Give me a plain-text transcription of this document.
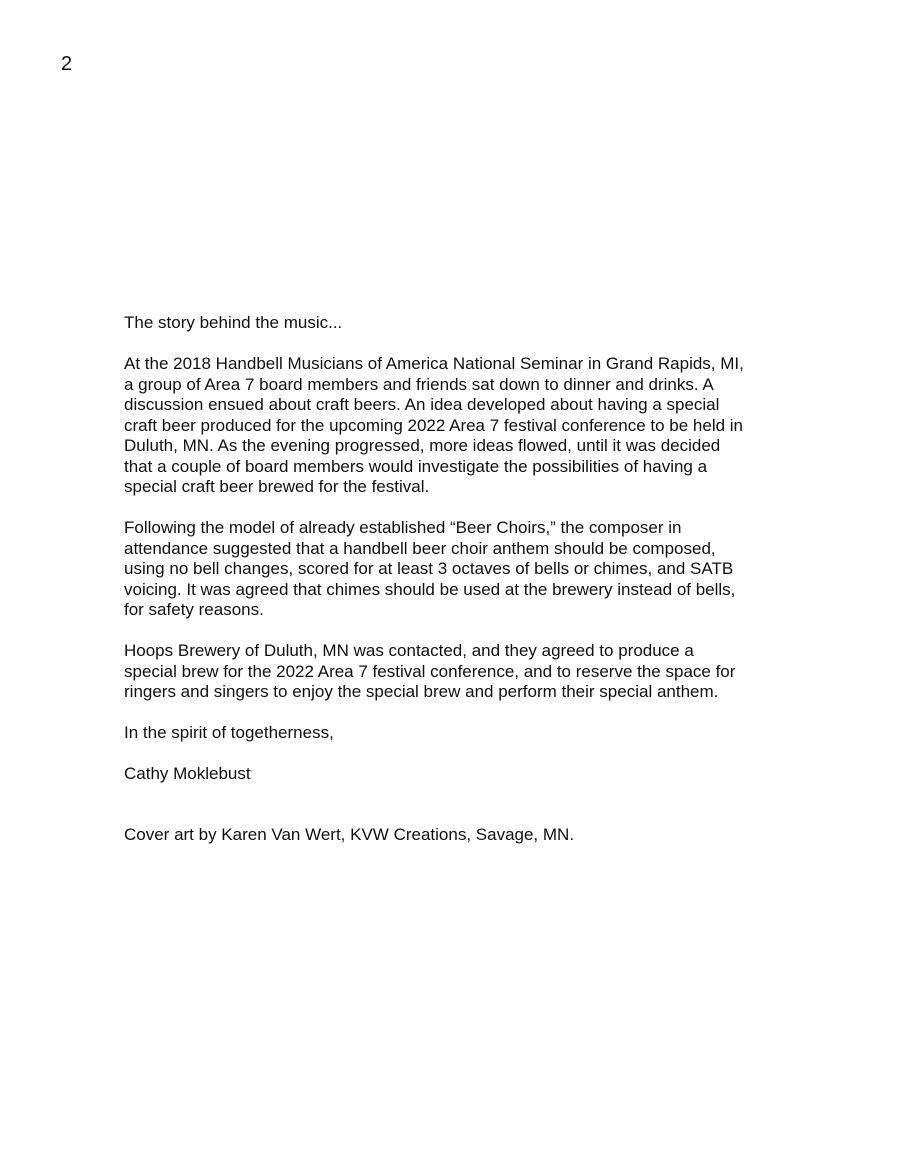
2

The story behind the music...

At the 2018 Handbell Musicians of America National Seminar in Grand Rapids, MI,
a group of Area 7 board members and friends sat down to dinner and drinks. A
discussion ensued about craft beers. An idea developed about having a special
craft beer produced for the upcoming 2022 Area 7 festival conference to be held in
Duluth, MN. As the evening progressed, more ideas flowed, until it was decided
that a couple of board members would investigate the possibilities of having a
special craft beer brewed for the festival.

Following the model of already established “Beer Choirs,” the composer in
attendance suggested that a handbell beer choir anthem should be composed,
using no bell changes, scored for at least 3 octaves of bells or chimes, and SATB
voicing. It was agreed that chimes should be used at the brewery instead of bells,
for safety reasons.

Hoops Brewery of Duluth, MN was contacted, and they agreed to produce a
special brew for the 2022 Area 7 festival conference, and to reserve the space for
ringers and singers to enjoy the special brew and perform their special anthem.

In the spirit of togetherness,

Cathy Moklebust

Cover art by Karen Van Wert, KVW Creations, Savage, MN.
